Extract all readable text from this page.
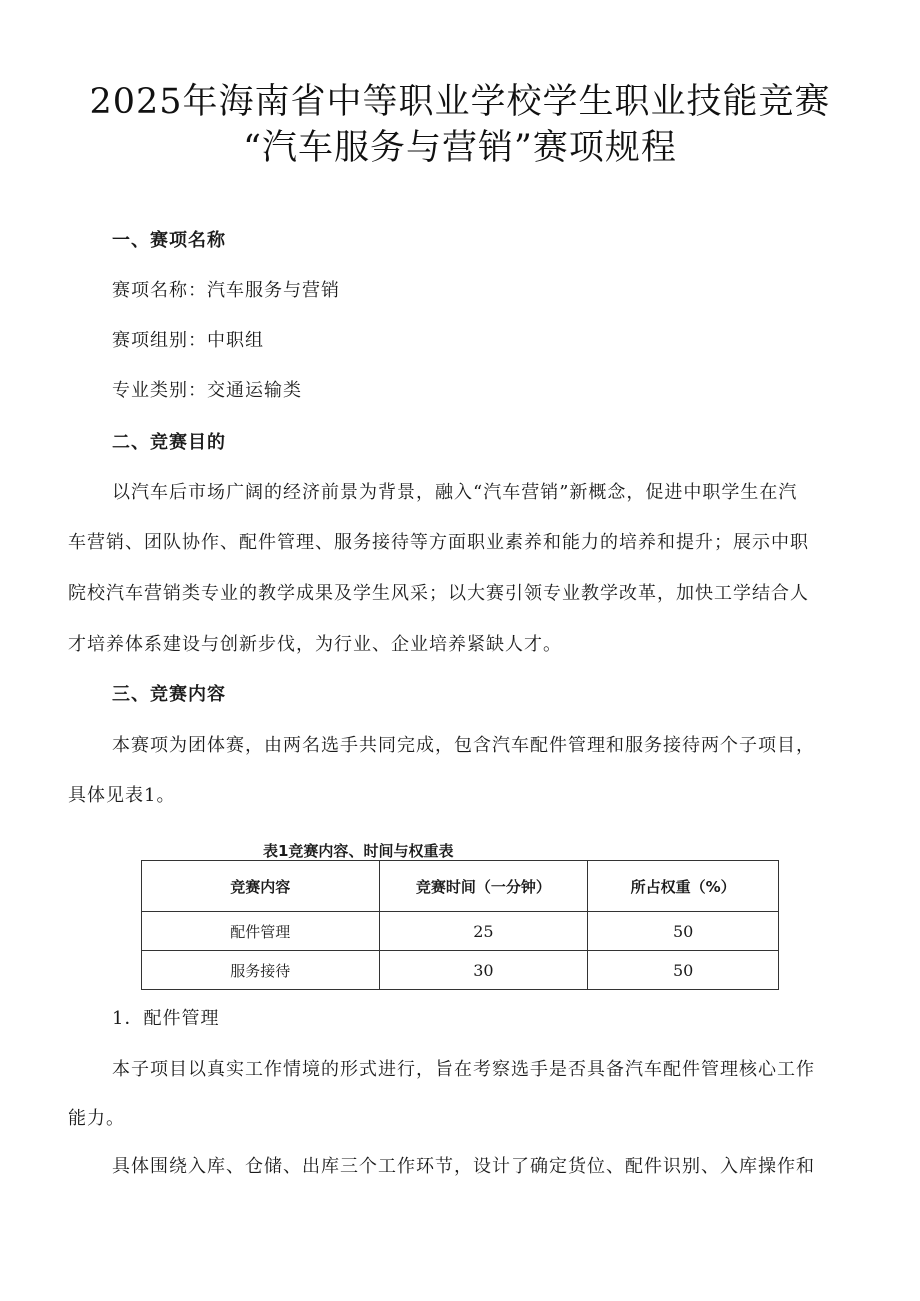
2025年海南省中等职业学校学生职业技能竞赛
“汽车服务与营销”赛项规程
一、赛项名称
赛项名称：汽车服务与营销
赛项组别：中职组
专业类别：交通运输类
二、竞赛目的
以汽车后市场广阔的经济前景为背景，融入“汽车营销”新概念，促进中职学生在汽
车营销、团队协作、配件管理、服务接待等方面职业素养和能力的培养和提升；展示中职
院校汽车营销类专业的教学成果及学生风采；以大赛引领专业教学改革，加快工学结合人
才培养体系建设与创新步伐，为行业、企业培养紧缺人才。
三、竞赛内容
本赛项为团体赛，由两名选手共同完成，包含汽车配件管理和服务接待两个子项目，
具体见表1。
表1竞赛内容、时间与权重表
竞赛内容	竞赛时间（一分钟）	所占权重（%）
配件管理	25	50
服务接待	30	50
1．配件管理
本子项目以真实工作情境的形式进行，旨在考察选手是否具备汽车配件管理核心工作
能力。
具体围绕入库、仓储、出库三个工作环节，设计了确定货位、配件识别、入库操作和
